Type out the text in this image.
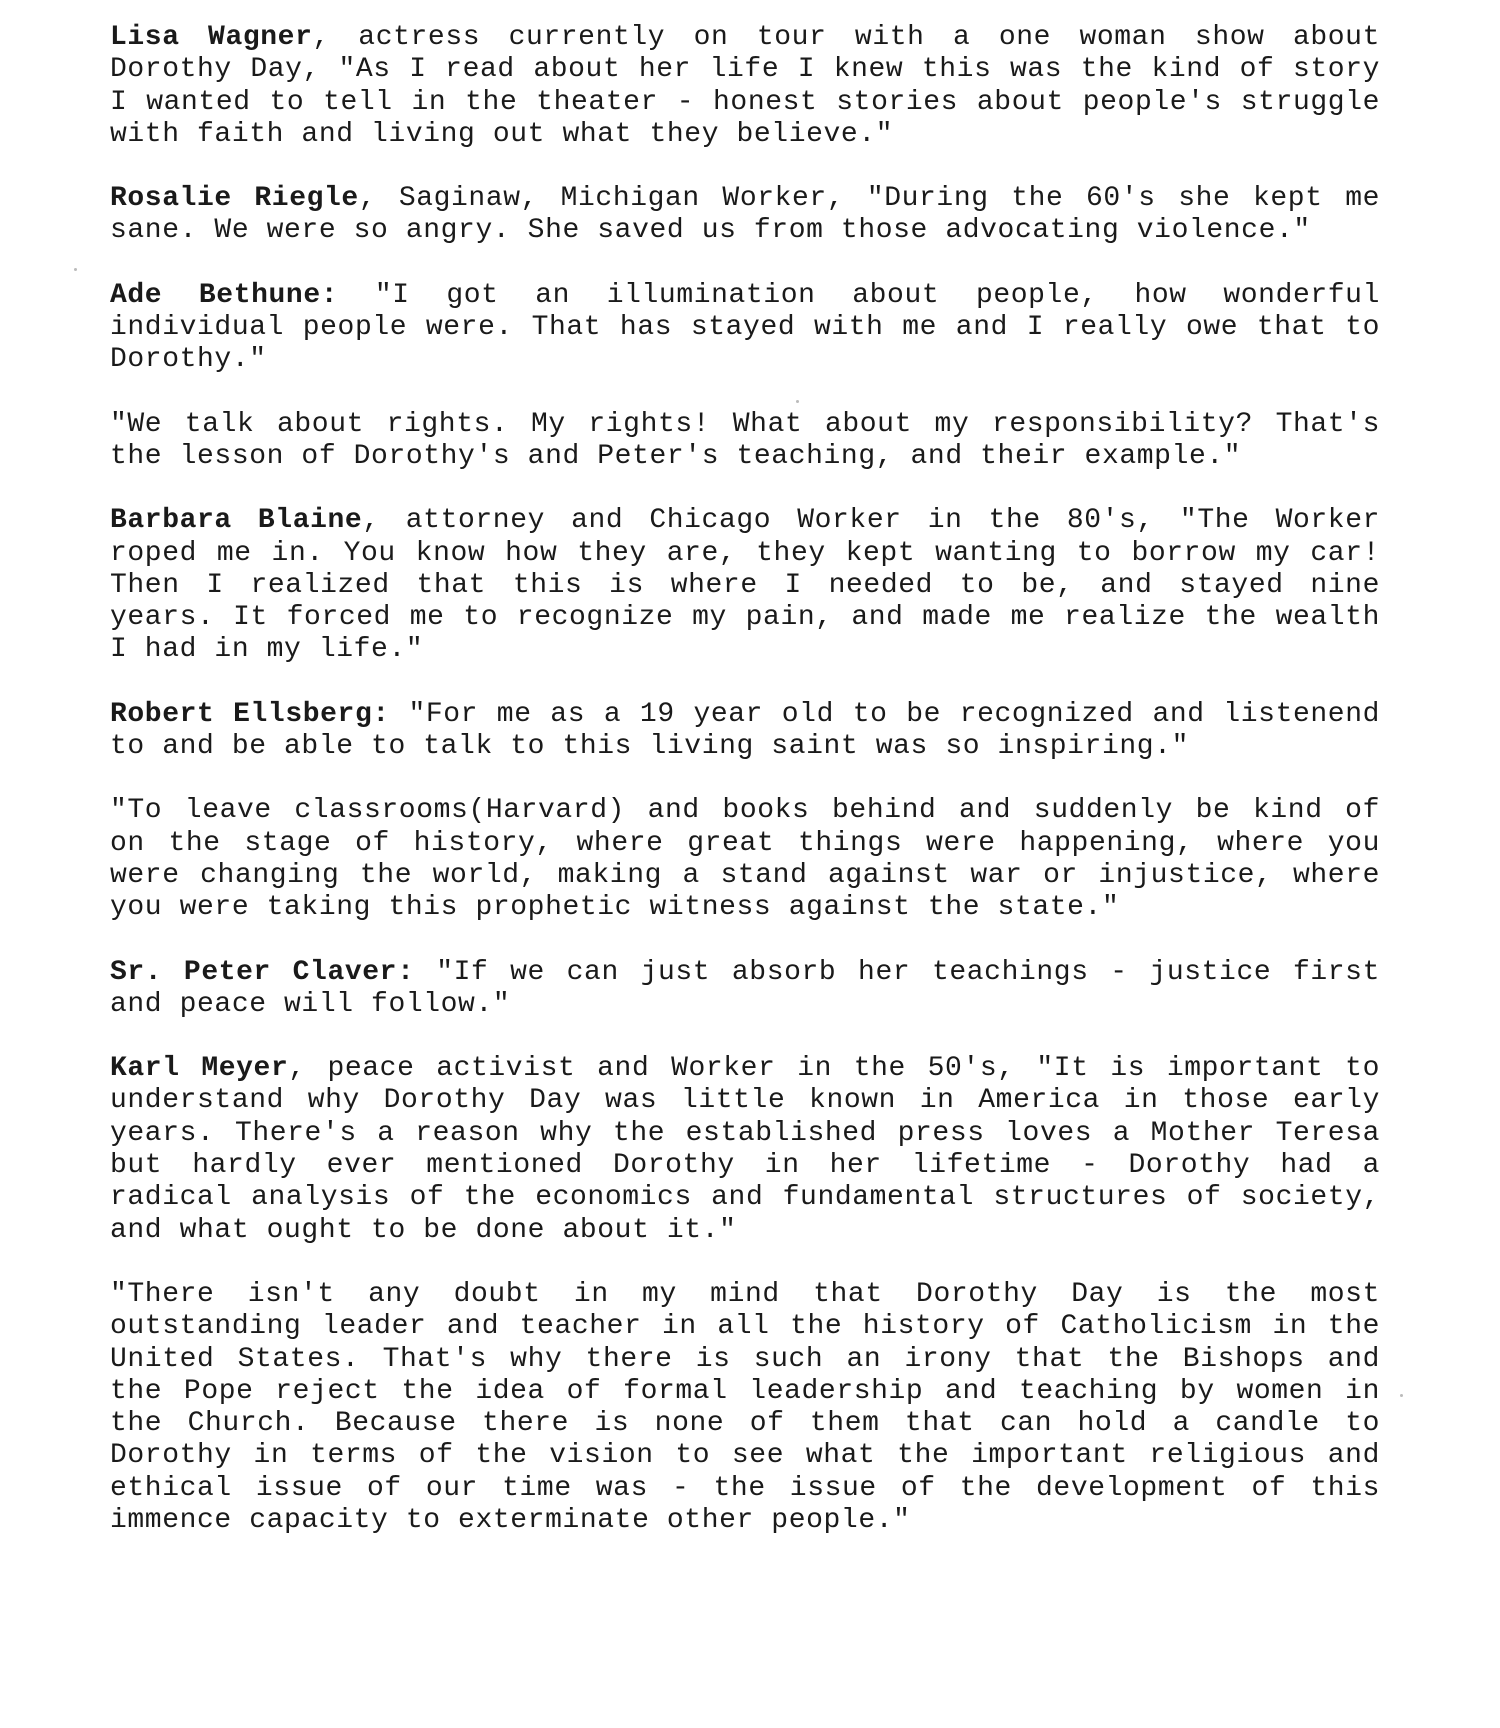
Lisa Wagner, actress currently on tour with a one woman show about Dorothy Day, "As I read about her life I knew this was the kind of story I wanted to tell in the theater - honest stories about people's struggle with faith and living out what they believe."

Rosalie Riegle, Saginaw, Michigan Worker, "During the 60's she kept me sane. We were so angry. She saved us from those advocating violence."

Ade Bethune: "I got an illumination about people, how wonderful individual people were. That has stayed with me and I really owe that to Dorothy."

"We talk about rights. My rights! What about my responsibility? That's the lesson of Dorothy's and Peter's teaching, and their example."

Barbara Blaine, attorney and Chicago Worker in the 80's, "The Worker roped me in. You know how they are, they kept wanting to borrow my car! Then I realized that this is where I needed to be, and stayed nine years. It forced me to recognize my pain, and made me realize the wealth I had in my life."

Robert Ellsberg: "For me as a 19 year old to be recognized and listenend to and be able to talk to this living saint was so inspiring."

"To leave classrooms(Harvard) and books behind and suddenly be kind of on the stage of history, where great things were happening, where you were changing the world, making a stand against war or injustice, where you were taking this prophetic witness against the state."

Sr. Peter Claver: "If we can just absorb her teachings - justice first and peace will follow."

Karl Meyer, peace activist and Worker in the 50's, "It is important to understand why Dorothy Day was little known in America in those early years. There's a reason why the established press loves a Mother Teresa but hardly ever mentioned Dorothy in her lifetime - Dorothy had a radical analysis of the economics and fundamental structures of society, and what ought to be done about it."

"There isn't any doubt in my mind that Dorothy Day is the most outstanding leader and teacher in all the history of Catholicism in the United States. That's why there is such an irony that the Bishops and the Pope reject the idea of formal leadership and teaching by women in the Church. Because there is none of them that can hold a candle to Dorothy in terms of the vision to see what the important religious and ethical issue of our time was - the issue of the development of this immence capacity to exterminate other people."
